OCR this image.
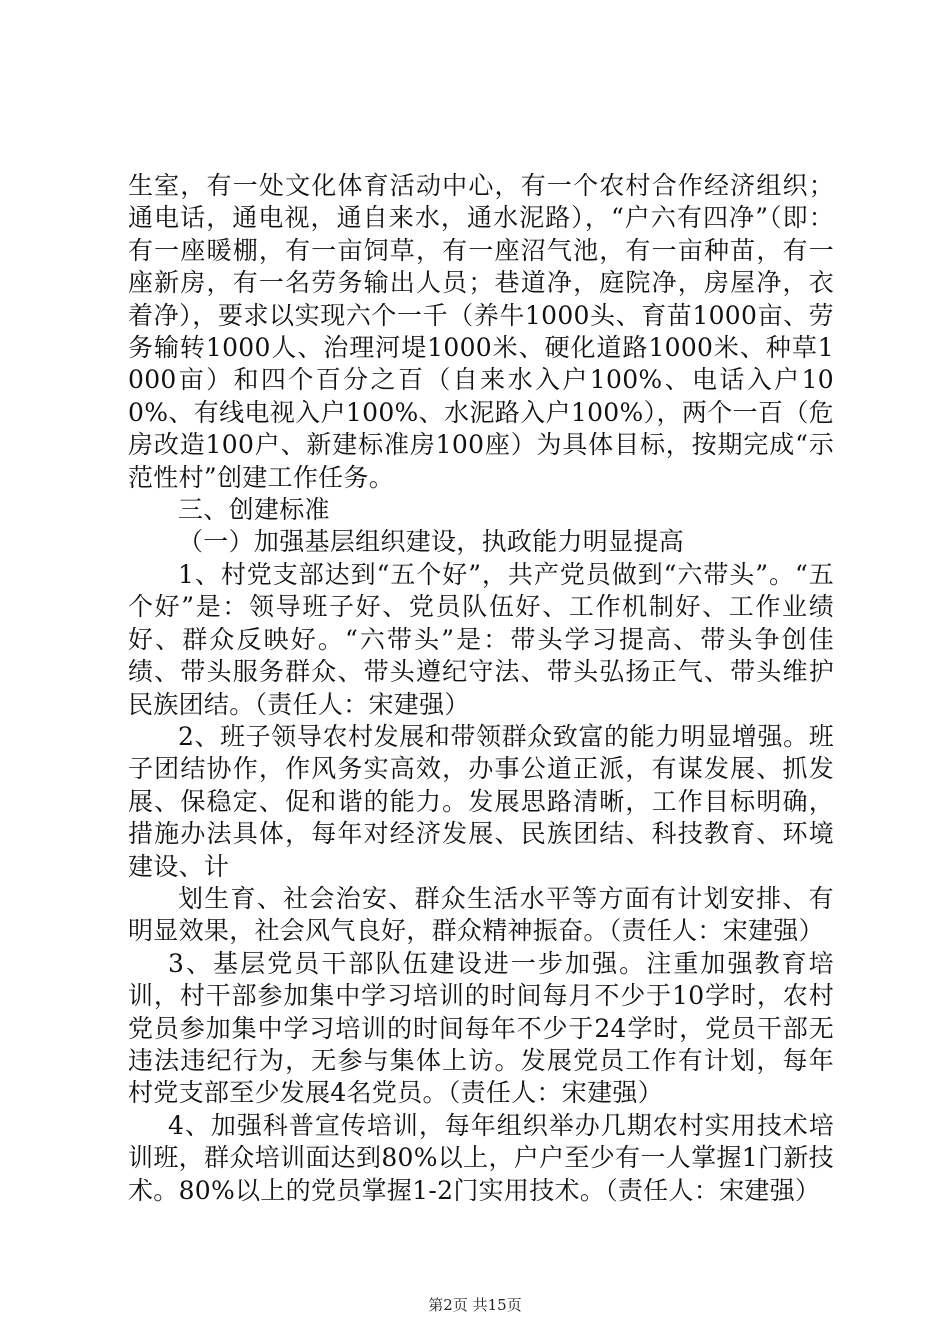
生室，有一处文化体育活动中心，有一个农村合作经济组织；通电话，通电视，通自来水，通水泥路），“户六有四净”（即：有一座暖棚，有一亩饲草，有一座沼气池，有一亩种苗，有一座新房，有一名劳务输出人员；巷道净，庭院净，房屋净，衣着净），要求以实现六个一千（养牛1000头、育苗1000亩、劳务输转1000人、治理河堤1000米、硬化道路1000米、种草1000亩）和四个百分之百（自来水入户100%、电话入户100%、有线电视入户100%、水泥路入户100%），两个一百（危房改造100户、新建标准房100座）为具体目标，按期完成“示范性村”创建工作任务。

三、创建标准

（一）加强基层组织建设，执政能力明显提高

1、村党支部达到“五个好”，共产党员做到“六带头”。“五个好”是：领导班子好、党员队伍好、工作机制好、工作业绩好、群众反映好。“六带头”是：带头学习提高、带头争创佳绩、带头服务群众、带头遵纪守法、带头弘扬正气、带头维护民族团结。（责任人：宋建强）

2、班子领导农村发展和带领群众致富的能力明显增强。班子团结协作，作风务实高效，办事公道正派，有谋发展、抓发展、保稳定、促和谐的能力。发展思路清晰，工作目标明确，措施办法具体，每年对经济发展、民族团结、科技教育、环境建设、计

划生育、社会治安、群众生活水平等方面有计划安排、有明显效果，社会风气良好，群众精神振奋。（责任人：宋建强）

3、基层党员干部队伍建设进一步加强。注重加强教育培训，村干部参加集中学习培训的时间每月不少于10学时，农村党员参加集中学习培训的时间每年不少于24学时，党员干部无违法违纪行为，无参与集体上访。发展党员工作有计划，每年村党支部至少发展4名党员。（责任人：宋建强）

4、加强科普宣传培训，每年组织举办几期农村实用技术培训班，群众培训面达到80%以上，户户至少有一人掌握1门新技术。80%以上的党员掌握1-2门实用技术。（责任人：宋建强）

第2页 共15页
